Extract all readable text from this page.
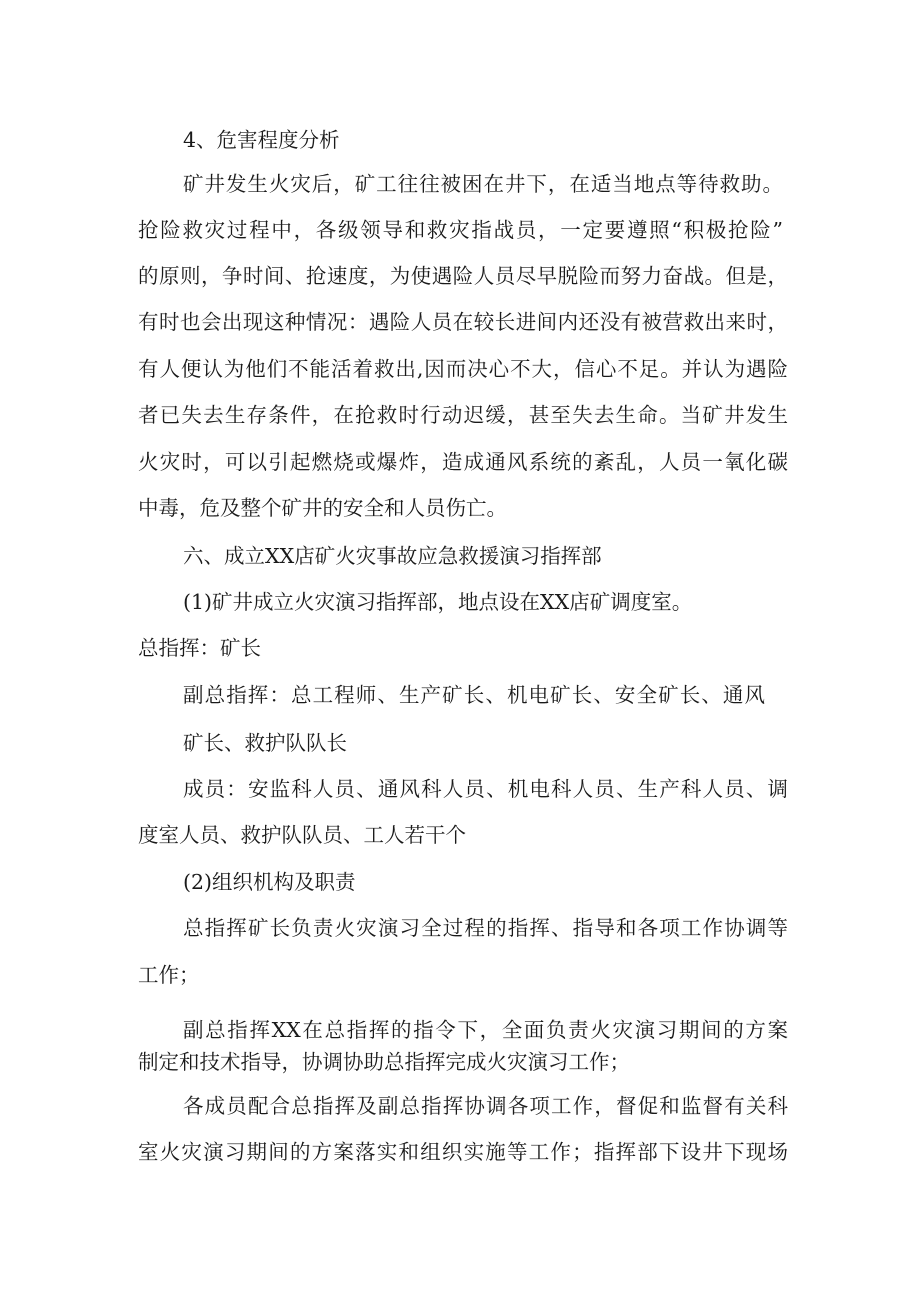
4、危害程度分析
矿井发生火灾后，矿工往往被困在井下，在适当地点等待救助。
抢险救灾过程中，各级领导和救灾指战员，一定要遵照“积极抢险”
的原则，争时间、抢速度，为使遇险人员尽早脱险而努力奋战。但是，
有时也会出现这种情况：遇险人员在较长进间内还没有被营救出来时，
有人便认为他们不能活着救出,因而决心不大，信心不足。并认为遇险
者已失去生存条件，在抢救时行动迟缓，甚至失去生命。当矿井发生
火灾时，可以引起燃烧或爆炸，造成通风系统的紊乱，人员一氧化碳
中毒，危及整个矿井的安全和人员伤亡。
六、成立XX店矿火灾事故应急救援演习指挥部
(1)矿井成立火灾演习指挥部，地点设在XX店矿调度室。
总指挥：矿长
副总指挥：总工程师、生产矿长、机电矿长、安全矿长、通风
矿长、救护队队长
成员：安监科人员、通风科人员、机电科人员、生产科人员、调
度室人员、救护队队员、工人若干个
(2)组织机构及职责
总指挥矿长负责火灾演习全过程的指挥、指导和各项工作协调等
工作；
副总指挥XX在总指挥的指令下，全面负责火灾演习期间的方案
制定和技术指导，协调协助总指挥完成火灾演习工作；
各成员配合总指挥及副总指挥协调各项工作，督促和监督有关科
室火灾演习期间的方案落实和组织实施等工作；指挥部下设井下现场
